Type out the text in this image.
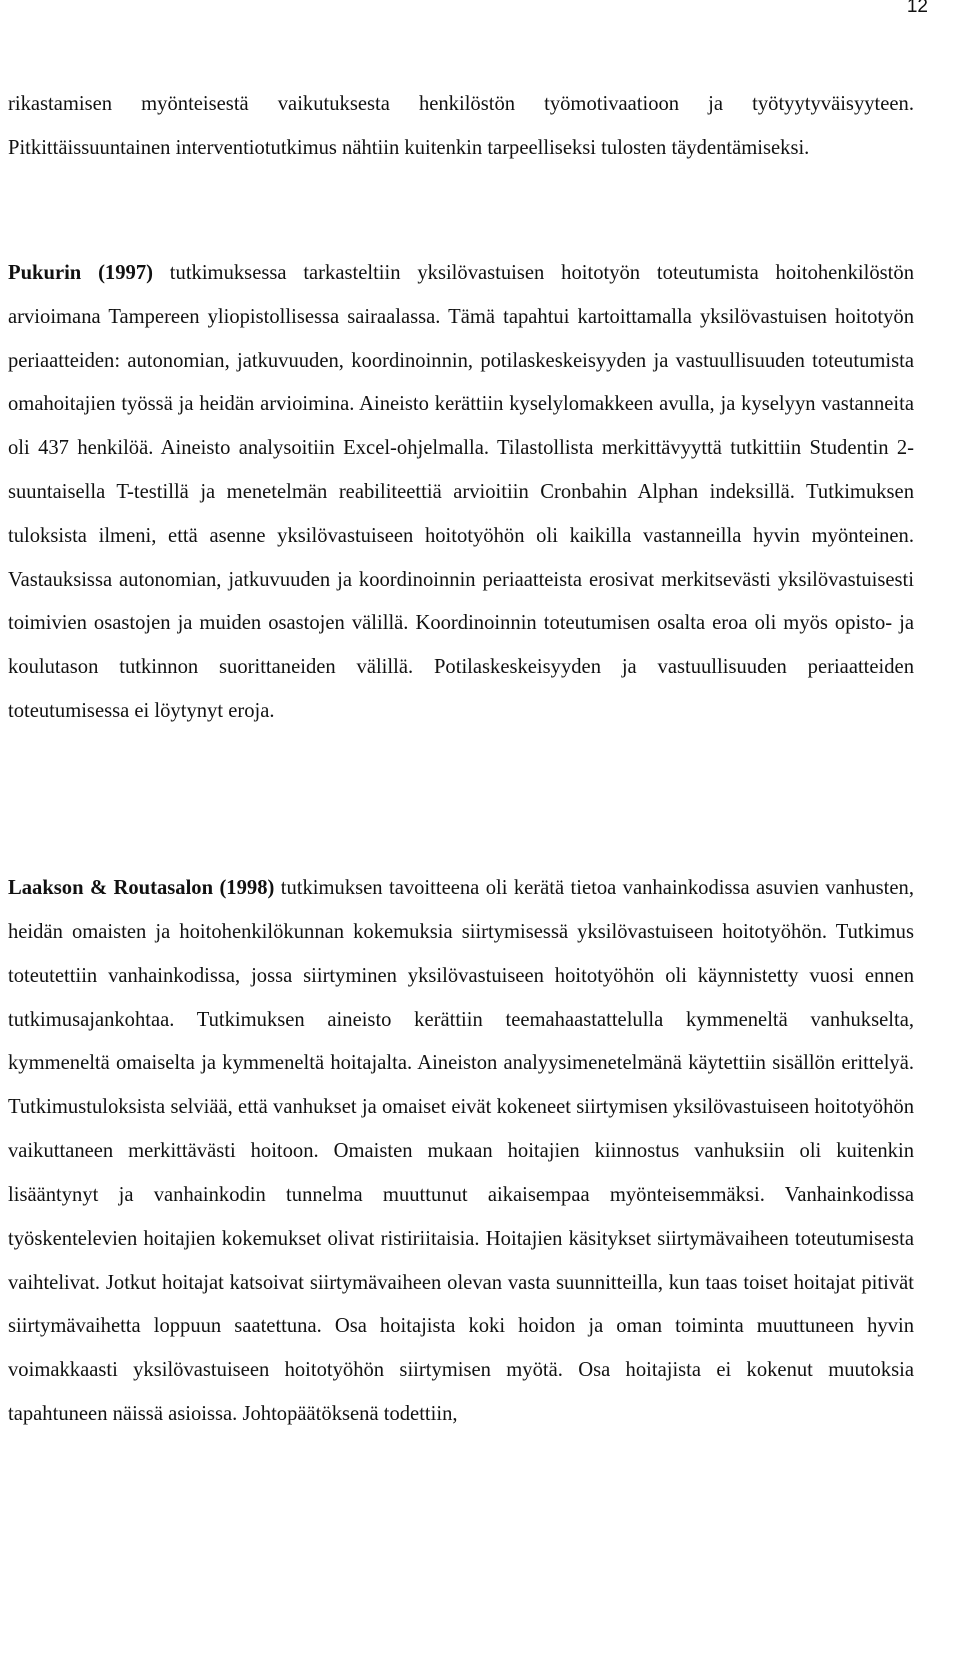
12

rikastamisen myönteisestä vaikutuksesta henkilöstön työmotivaatioon ja työtyytyväisyyteen. Pitkittäissuuntainen interventiotutkimus nähtiin kuitenkin tarpeelliseksi tulosten täydentämiseksi.

Pukurin (1997) tutkimuksessa tarkasteltiin yksilövastuisen hoitotyön toteutumista hoitohenkilöstön arvioimana Tampereen yliopistollisessa sairaalassa. Tämä tapahtui kartoittamalla yksilövastuisen hoitotyön periaatteiden: autonomian, jatkuvuuden, koordinoinnin, potilaskeskeisyyden ja vastuullisuuden toteutumista omahoitajien työssä ja heidän arvioimina. Aineisto kerättiin kyselylomakkeen avulla, ja kyselyyn vastanneita oli 437 henkilöä. Aineisto analysoitiin Excel-ohjelmalla. Tilastollista merkittävyyttä tutkittiin Studentin 2-suuntaisella T-testillä ja menetelmän reabiliteettiä arvioitiin Cronbahin Alphan indeksillä. Tutkimuksen tuloksista ilmeni, että asenne yksilövastuiseen hoitotyöhön oli kaikilla vastanneilla hyvin myönteinen. Vastauksissa autonomian, jatkuvuuden ja koordinoinnin periaatteista erosivat merkitsevästi yksilövastuisesti toimivien osastojen ja muiden osastojen välillä. Koordinoinnin toteutumisen osalta eroa oli myös opisto- ja koulutason tutkinnon suorittaneiden välillä. Potilaskeskeisyyden ja vastuullisuuden periaatteiden toteutumisessa ei löytynyt eroja.

Laakson & Routasalon (1998) tutkimuksen tavoitteena oli kerätä tietoa vanhainkodissa asuvien vanhusten, heidän omaisten ja hoitohenkilökunnan kokemuksia siirtymisessä yksilövastuiseen hoitotyöhön. Tutkimus toteutettiin vanhainkodissa, jossa siirtyminen yksilövastuiseen hoitotyöhön oli käynnistetty vuosi ennen tutkimusajankohtaa. Tutkimuksen aineisto kerättiin teemahaastattelulla kymmeneltä vanhukselta, kymmeneltä omaiselta ja kymmeneltä hoitajalta. Aineiston analyysimenetelmänä käytettiin sisällön erittelyä. Tutkimustuloksista selviää, että vanhukset ja omaiset eivät kokeneet siirtymisen yksilövastuiseen hoitotyöhön vaikuttaneen merkittävästi hoitoon. Omaisten mukaan hoitajien kiinnostus vanhuksiin oli kuitenkin lisääntynyt ja vanhainkodin tunnelma muuttunut aikaisempaa myönteisemmäksi. Vanhainkodissa työskentelevien hoitajien kokemukset olivat ristiriitaisia. Hoitajien käsitykset siirtymävaiheen toteutumisesta vaihtelivat. Jotkut hoitajat katsoivat siirtymävaiheen olevan vasta suunnitteilla, kun taas toiset hoitajat pitivät siirtymävaihetta loppuun saatettuna. Osa hoitajista koki hoidon ja oman toiminta muuttuneen hyvin voimakkaasti yksilövastuiseen hoitotyöhön siirtymisen myötä. Osa hoitajista ei kokenut muutoksia tapahtuneen näissä asioissa. Johtopäätöksenä todettiin,
